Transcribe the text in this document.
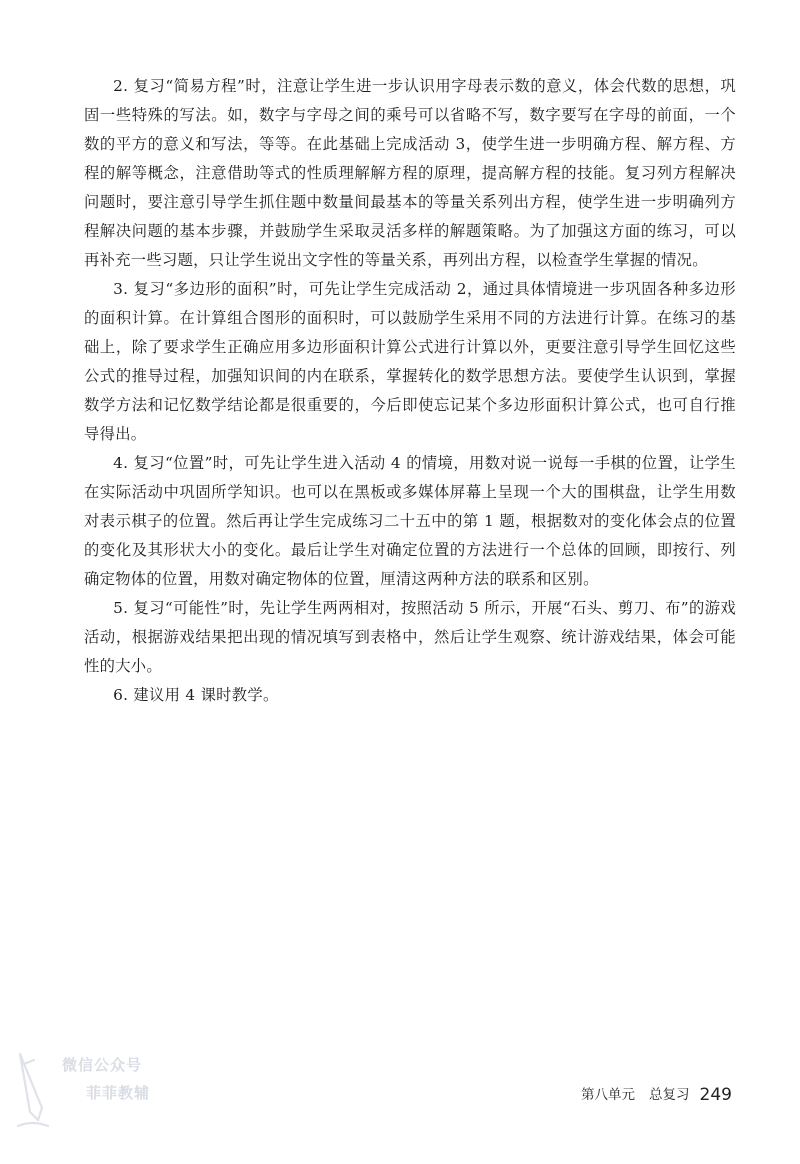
2. 复习“简易方程”时，注意让学生进一步认识用字母表示数的意义，体会代数的思想，巩固一些特殊的写法。如，数字与字母之间的乘号可以省略不写，数字要写在字母的前面，一个数的平方的意义和写法，等等。在此基础上完成活动 3，使学生进一步明确方程、解方程、方程的解等概念，注意借助等式的性质理解解方程的原理，提高解方程的技能。复习列方程解决问题时，要注意引导学生抓住题中数量间最基本的等量关系列出方程，使学生进一步明确列方程解决问题的基本步骤，并鼓励学生采取灵活多样的解题策略。为了加强这方面的练习，可以再补充一些习题，只让学生说出文字性的等量关系，再列出方程，以检查学生掌握的情况。

3. 复习“多边形的面积”时，可先让学生完成活动 2，通过具体情境进一步巩固各种多边形的面积计算。在计算组合图形的面积时，可以鼓励学生采用不同的方法进行计算。在练习的基础上，除了要求学生正确应用多边形面积计算公式进行计算以外，更要注意引导学生回忆这些公式的推导过程，加强知识间的内在联系，掌握转化的数学思想方法。要使学生认识到，掌握数学方法和记忆数学结论都是很重要的，今后即使忘记某个多边形面积计算公式，也可自行推导得出。

4. 复习“位置”时，可先让学生进入活动 4 的情境，用数对说一说每一手棋的位置，让学生在实际活动中巩固所学知识。也可以在黑板或多媒体屏幕上呈现一个大的围棋盘，让学生用数对表示棋子的位置。然后再让学生完成练习二十五中的第 1 题，根据数对的变化体会点的位置的变化及其形状大小的变化。最后让学生对确定位置的方法进行一个总体的回顾，即按行、列确定物体的位置，用数对确定物体的位置，厘清这两种方法的联系和区别。

5. 复习“可能性”时，先让学生两两相对，按照活动 5 所示，开展“石头、剪刀、布”的游戏活动，根据游戏结果把出现的情况填写到表格中，然后让学生观察、统计游戏结果，体会可能性的大小。

6. 建议用 4 课时教学。

微信公众号
菲菲教辅	第八单元 总复习 249
